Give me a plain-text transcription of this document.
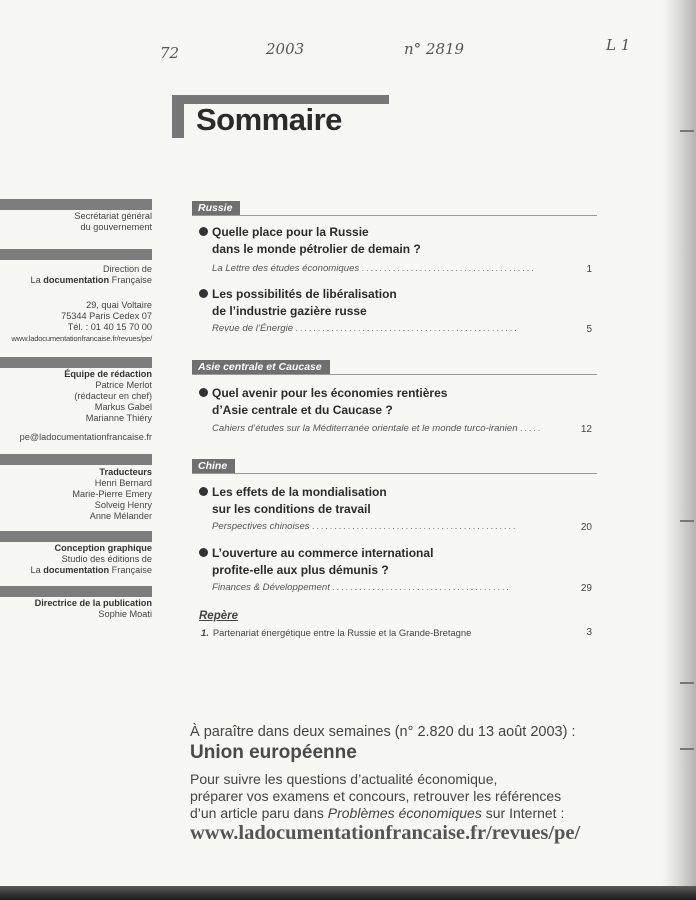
72	2003	n° 2819	L 1
Sommaire
Secrétariat général
du gouvernement
Direction de
La documentation Française
29, quai Voltaire
75344 Paris Cedex 07
Tél. : 01 40 15 70 00
www.ladocumentationfrancaise.fr/revues/pe/
Équipe de rédaction
Patrice Merlot
(rédacteur en chef)
Markus Gabel
Marianne Thiéry
pe@ladocumentationfrancaise.fr
Traducteurs
Henri Bernard
Marie-Pierre Emery
Solveig Henry
Anne Mélander
Conception graphique
Studio des éditions de
La documentation Française
Directrice de la publication
Sophie Moati
Russie
Quelle place pour la Russie
dans le monde pétrolier de demain ?
La Lettre des études économiques .......................................	1
Les possibilités de libéralisation
de l’industrie gazière russe
Revue de l’Énergie ..................................................	5
Asie centrale et Caucase
Quel avenir pour les économies rentières
d’Asie centrale et du Caucase ?
Cahiers d’études sur la Méditerranée orientale et le monde turco-iranien .....	12
Chine
Les effets de la mondialisation
sur les conditions de travail
Perspectives chinoises ..............................................	20
L’ouverture au commerce international
profite-elle aux plus démunis ?
Finances & Développement ........................................	29
Repère
1. Partenariat énergétique entre la Russie et la Grande-Bretagne	3
À paraître dans deux semaines (n° 2.820 du 13 août 2003) :
Union européenne
Pour suivre les questions d’actualité économique,
préparer vos examens et concours, retrouver les références
d’un article paru dans Problèmes économiques sur Internet :
www.ladocumentationfrancaise.fr/revues/pe/
